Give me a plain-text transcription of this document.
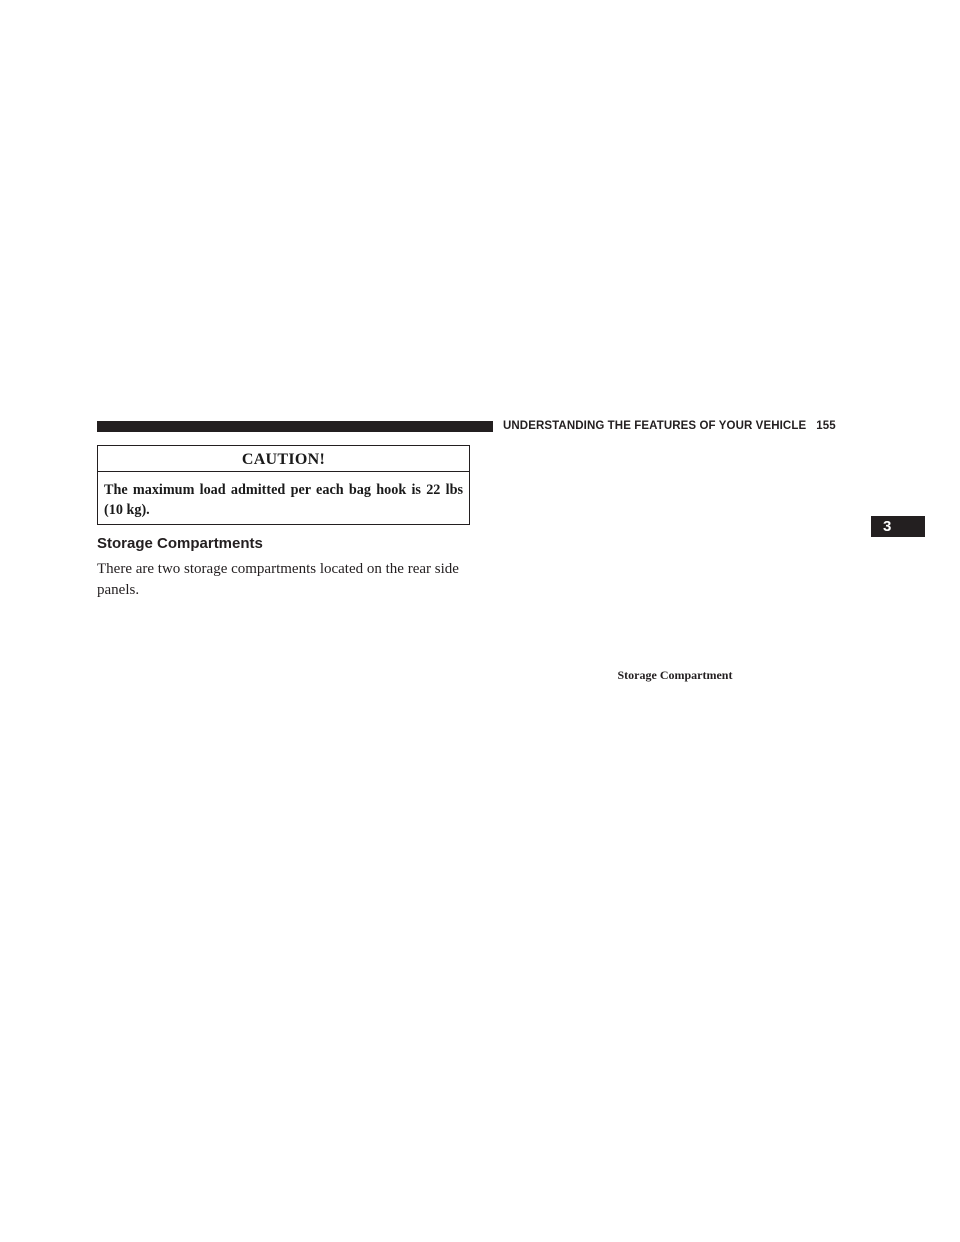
UNDERSTANDING THE FEATURES OF YOUR VEHICLE 155
CAUTION!
The maximum load admitted per each bag hook is 22 lbs (10 kg).
Storage Compartments
There are two storage compartments located on the rear side panels.
Storage Compartment
3
